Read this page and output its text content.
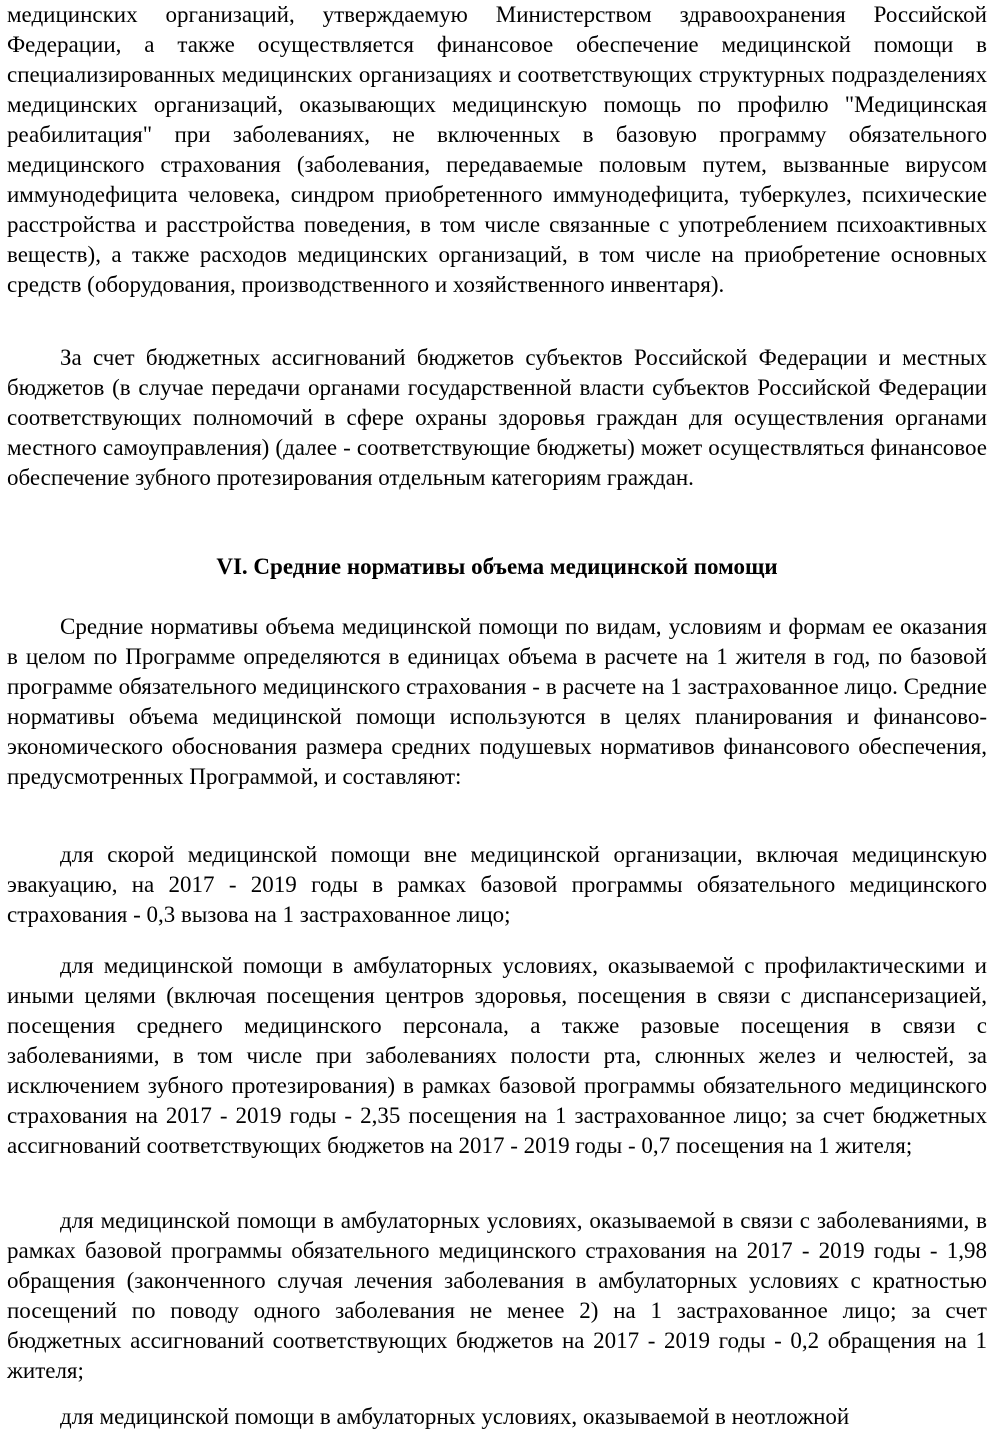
медицинских организаций, утверждаемую Министерством здравоохранения Российской Федерации, а также осуществляется финансовое обеспечение медицинской помощи в специализированных медицинских организациях и соответствующих структурных подразделениях медицинских организаций, оказывающих медицинскую помощь по профилю "Медицинская реабилитация" при заболеваниях, не включенных в базовую программу обязательного медицинского страхования (заболевания, передаваемые половым путем, вызванные вирусом иммунодефицита человека, синдром приобретенного иммунодефицита, туберкулез, психические расстройства и расстройства поведения, в том числе связанные с употреблением психоактивных веществ), а также расходов медицинских организаций, в том числе на приобретение основных средств (оборудования, производственного и хозяйственного инвентаря).

За счет бюджетных ассигнований бюджетов субъектов Российской Федерации и местных бюджетов (в случае передачи органами государственной власти субъектов Российской Федерации соответствующих полномочий в сфере охраны здоровья граждан для осуществления органами местного самоуправления) (далее - соответствующие бюджеты) может осуществляться финансовое обеспечение зубного протезирования отдельным категориям граждан.

VI. Средние нормативы объема медицинской помощи

Средние нормативы объема медицинской помощи по видам, условиям и формам ее оказания в целом по Программе определяются в единицах объема в расчете на 1 жителя в год, по базовой программе обязательного медицинского страхования - в расчете на 1 застрахованное лицо. Средние нормативы объема медицинской помощи используются в целях планирования и финансово-экономического обоснования размера средних подушевых нормативов финансового обеспечения, предусмотренных Программой, и составляют:

для скорой медицинской помощи вне медицинской организации, включая медицинскую эвакуацию, на 2017 - 2019 годы в рамках базовой программы обязательного медицинского страхования - 0,3 вызова на 1 застрахованное лицо;

для медицинской помощи в амбулаторных условиях, оказываемой с профилактическими и иными целями (включая посещения центров здоровья, посещения в связи с диспансеризацией, посещения среднего медицинского персонала, а также разовые посещения в связи с заболеваниями, в том числе при заболеваниях полости рта, слюнных желез и челюстей, за исключением зубного протезирования) в рамках базовой программы обязательного медицинского страхования на 2017 - 2019 годы - 2,35 посещения на 1 застрахованное лицо; за счет бюджетных ассигнований соответствующих бюджетов на 2017 - 2019 годы - 0,7 посещения на 1 жителя;

для медицинской помощи в амбулаторных условиях, оказываемой в связи с заболеваниями, в рамках базовой программы обязательного медицинского страхования на 2017 - 2019 годы - 1,98 обращения (законченного случая лечения заболевания в амбулаторных условиях с кратностью посещений по поводу одного заболевания не менее 2) на 1 застрахованное лицо; за счет бюджетных ассигнований соответствующих бюджетов на 2017 - 2019 годы - 0,2 обращения на 1 жителя;

для медицинской помощи в амбулаторных условиях, оказываемой в неотложной
